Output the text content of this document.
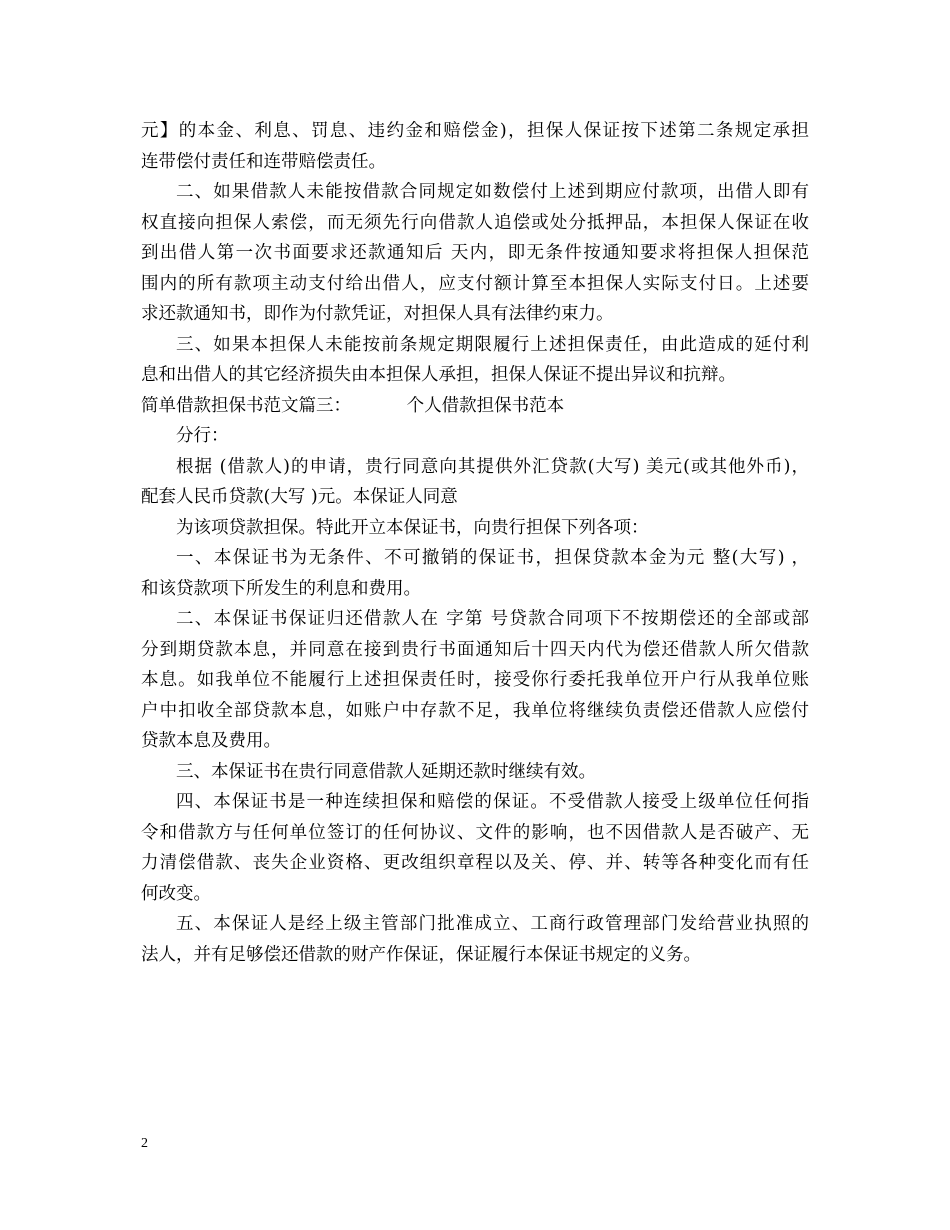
元】的本金、利息、罚息、违约金和赔偿金)，担保人保证按下述第二条规定承担

连带偿付责任和连带赔偿责任。

二、如果借款人未能按借款合同规定如数偿付上述到期应付款项，出借人即有

权直接向担保人索偿，而无须先行向借款人追偿或处分抵押品，本担保人保证在收

到出借人第一次书面要求还款通知后 天内，即无条件按通知要求将担保人担保范

围内的所有款项主动支付给出借人，应支付额计算至本担保人实际支付日。上述要

求还款通知书，即作为付款凭证，对担保人具有法律约束力。

三、如果本担保人未能按前条规定期限履行上述担保责任，由此造成的延付利

息和出借人的其它经济损失由本担保人承担，担保人保证不提出异议和抗辩。

简单借款担保书范文篇三：          个人借款担保书范本

分行：

根据 (借款人)的申请，贵行同意向其提供外汇贷款(大写) 美元(或其他外币)，

配套人民币贷款(大写 )元。本保证人同意

为该项贷款担保。特此开立本保证书，向贵行担保下列各项：

一、本保证书为无条件、不可撤销的保证书，担保贷款本金为元 整(大写) ，

和该贷款项下所发生的利息和费用。

二、本保证书保证归还借款人在 字第 号贷款合同项下不按期偿还的全部或部

分到期贷款本息，并同意在接到贵行书面通知后十四天内代为偿还借款人所欠借款

本息。如我单位不能履行上述担保责任时，接受你行委托我单位开户行从我单位账

户中扣收全部贷款本息，如账户中存款不足，我单位将继续负责偿还借款人应偿付

贷款本息及费用。

三、本保证书在贵行同意借款人延期还款时继续有效。

四、本保证书是一种连续担保和赔偿的保证。不受借款人接受上级单位任何指

令和借款方与任何单位签订的任何协议、文件的影响，也不因借款人是否破产、无

力清偿借款、丧失企业资格、更改组织章程以及关、停、并、转等各种变化而有任

何改变。

五、本保证人是经上级主管部门批准成立、工商行政管理部门发给营业执照的

法人，并有足够偿还借款的财产作保证，保证履行本保证书规定的义务。

2
